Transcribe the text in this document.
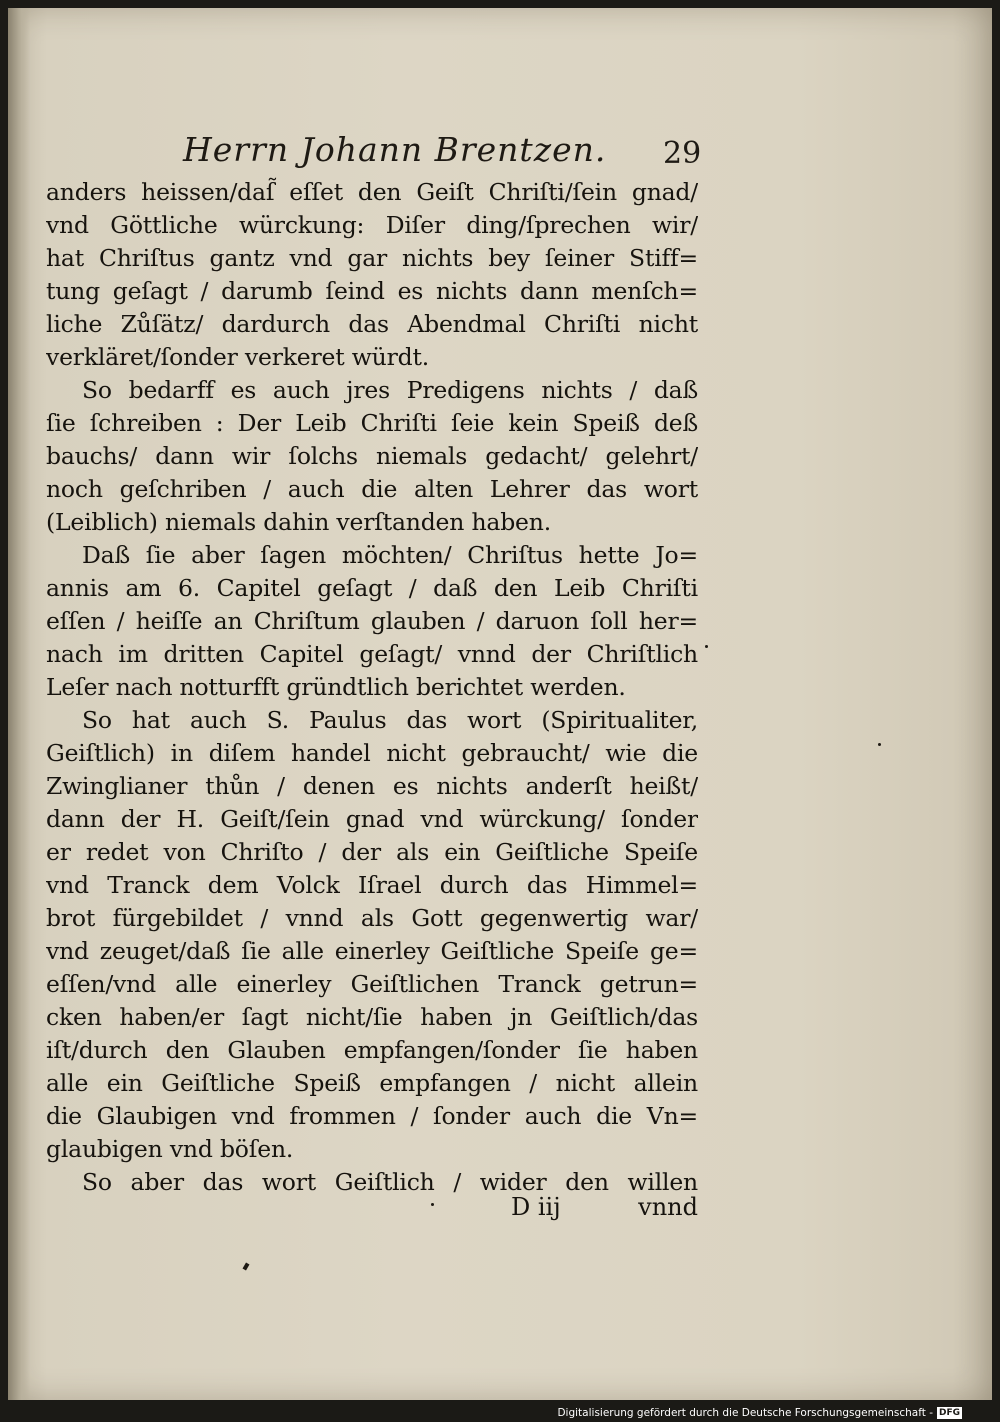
Herrn Johann Brentzen. 29
anders heissen/daſ̃ eſſet den Geiſt Chriſti/ſein gnad/
vnd Göttliche würckung: Diſer ding/ſprechen wir/
hat Chriſtus gantz vnd gar nichts bey ſeiner Stiff=
tung geſagt / darumb ſeind es nichts dann menſch=
liche Zůſätz/ dardurch das Abendmal Chriſti nicht
verkläret/ſonder verkeret würdt.
So bedarff es auch jres Predigens nichts / daß
ſie ſchreiben : Der Leib Chriſti ſeie kein Speiß deß
bauchs/ dann wir ſolchs niemals gedacht/ gelehrt/
noch geſchriben / auch die alten Lehrer das wort
(Leiblich) niemals dahin verſtanden haben.
Daß ſie aber ſagen möchten/ Chriſtus hette Jo=
annis am 6. Capitel geſagt / daß den Leib Chriſti
eſſen / heiſſe an Chriſtum glauben / daruon ſoll her=
nach im dritten Capitel geſagt/ vnnd der Chriſtlich
Leſer nach notturfft gründtlich berichtet werden.
So hat auch S. Paulus das wort (Spiritualiter,
Geiſtlich) in diſem handel nicht gebraucht/ wie die
Zwinglianer thůn / denen es nichts anderſt heißt/
dann der H. Geiſt/ſein gnad vnd würckung/ ſonder
er redet von Chriſto / der als ein Geiſtliche Speiſe
vnd Tranck dem Volck Iſrael durch das Himmel=
brot fürgebildet / vnnd als Gott gegenwertig war/
vnd zeuget/daß ſie alle einerley Geiſtliche Speiſe ge=
eſſen/vnd alle einerley Geiſtlichen Tranck getrun=
cken haben/er ſagt nicht/ſie haben jn Geiſtlich/das
iſt/durch den Glauben empfangen/ſonder ſie haben
alle ein Geiſtliche Speiß empfangen / nicht allein
die Glaubigen vnd frommen / ſonder auch die Vn=
glaubigen vnd böſen.
So aber das wort Geiſtlich / wider den willen
D iij	vnnd
Digitalisierung gefördert durch die Deutsche Forschungsgemeinschaft - DFG
